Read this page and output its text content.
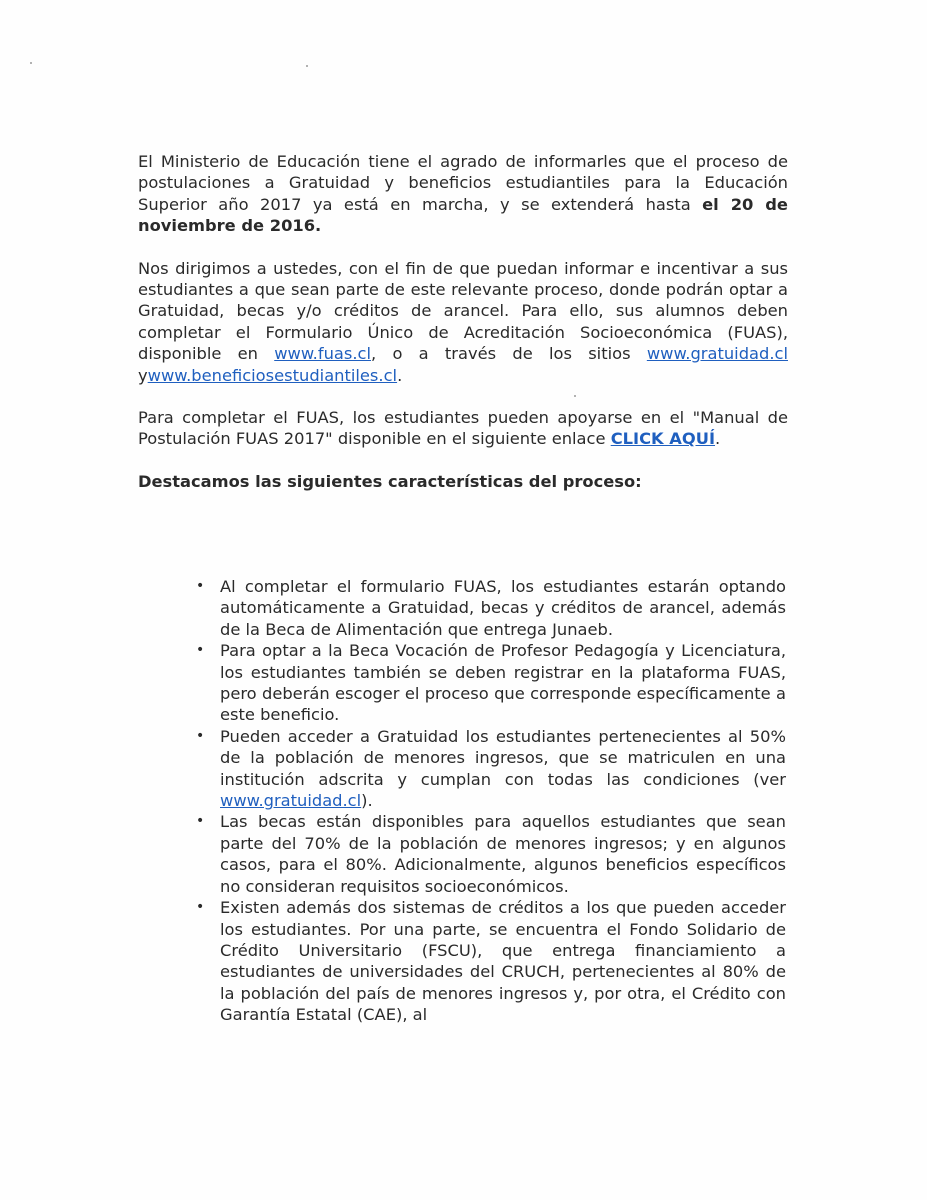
El Ministerio de Educación tiene el agrado de informarles que el proceso de postulaciones a Gratuidad y beneficios estudiantiles para la Educación Superior año 2017 ya está en marcha, y se extenderá hasta el 20 de noviembre de 2016.

Nos dirigimos a ustedes, con el fin de que puedan informar e incentivar a sus estudiantes a que sean parte de este relevante proceso, donde podrán optar a Gratuidad, becas y/o créditos de arancel. Para ello, sus alumnos deben completar el Formulario Único de Acreditación Socioeconómica (FUAS), disponible en www.fuas.cl, o a través de los sitios www.gratuidad.cl ywww.beneficiosestudiantiles.cl.

Para completar el FUAS, los estudiantes pueden apoyarse en el "Manual de Postulación FUAS 2017" disponible en el siguiente enlace CLICK AQUÍ.

Destacamos las siguientes características del proceso:

• Al completar el formulario FUAS, los estudiantes estarán optando automáticamente a Gratuidad, becas y créditos de arancel, además de la Beca de Alimentación que entrega Junaeb.
• Para optar a la Beca Vocación de Profesor Pedagogía y Licenciatura, los estudiantes también se deben registrar en la plataforma FUAS, pero deberán escoger el proceso que corresponde específicamente a este beneficio.
• Pueden acceder a Gratuidad los estudiantes pertenecientes al 50% de la población de menores ingresos, que se matriculen en una institución adscrita y cumplan con todas las condiciones (ver www.gratuidad.cl).
• Las becas están disponibles para aquellos estudiantes que sean parte del 70% de la población de menores ingresos; y en algunos casos, para el 80%. Adicionalmente, algunos beneficios específicos no consideran requisitos socioeconómicos.
• Existen además dos sistemas de créditos a los que pueden acceder los estudiantes. Por una parte, se encuentra el Fondo Solidario de Crédito Universitario (FSCU), que entrega financiamiento a estudiantes de universidades del CRUCH, pertenecientes al 80% de la población del país de menores ingresos y, por otra, el Crédito con Garantía Estatal (CAE), al
